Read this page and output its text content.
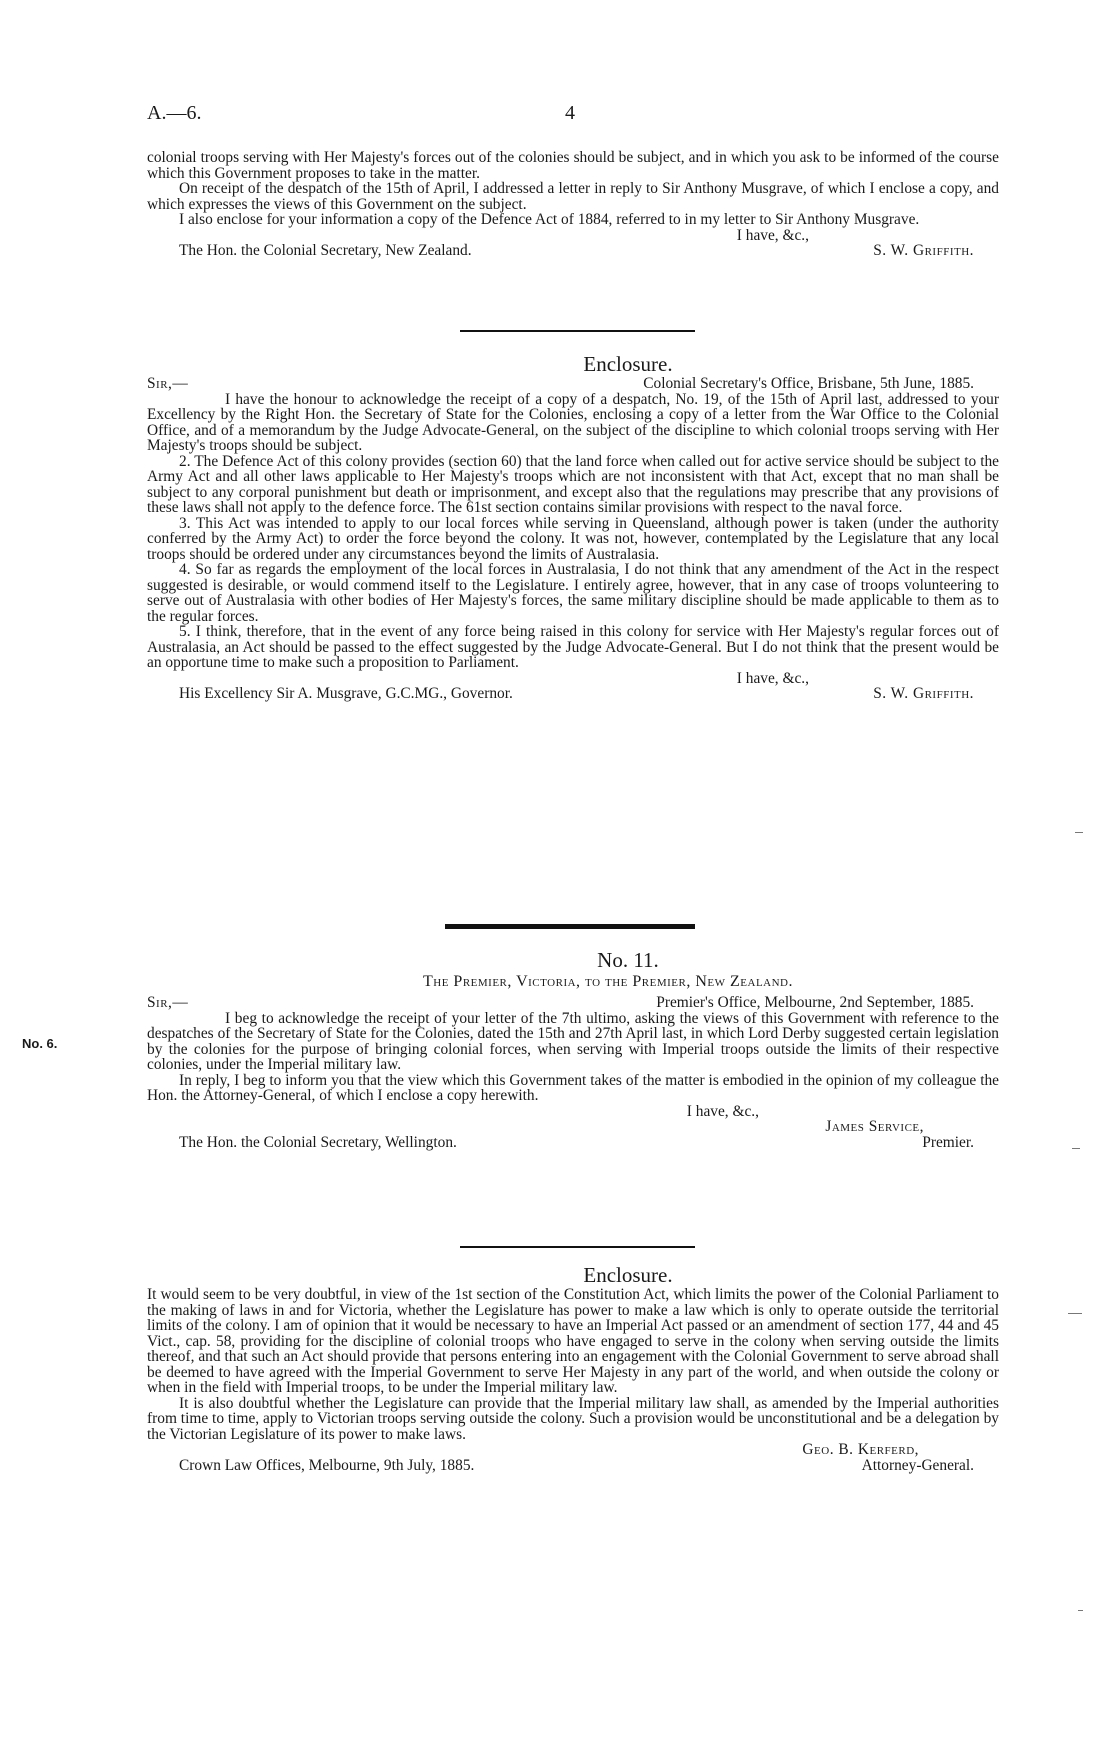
A.—6.	4

colonial troops serving with Her Majesty's forces out of the colonies should be subject, and in which you ask to be informed of the course which this Government proposes to take in the matter.

On receipt of the despatch of the 15th of April, I addressed a letter in reply to Sir Anthony Musgrave, of which I enclose a copy, and which expresses the views of this Government on the subject.

I also enclose for your information a copy of the Defence Act of 1884, referred to in my letter to Sir Anthony Musgrave.

I have, &c.,
The Hon. the Colonial Secretary, New Zealand.	S. W. Griffith.
Enclosure.
Sir,—	Colonial Secretary's Office, Brisbane, 5th June, 1885.

I have the honour to acknowledge the receipt of a copy of a despatch, No. 19, of the 15th of April last, addressed to your Excellency by the Right Hon. the Secretary of State for the Colonies, enclosing a copy of a letter from the War Office to the Colonial Office, and of a memorandum by the Judge Advocate-General, on the subject of the discipline to which colonial troops serving with Her Majesty's troops should be subject.

2. The Defence Act of this colony provides (section 60) that the land force when called out for active service should be subject to the Army Act and all other laws applicable to Her Majesty's troops which are not inconsistent with that Act, except that no man shall be subject to any corporal punishment but death or imprisonment, and except also that the regulations may prescribe that any provisions of these laws shall not apply to the defence force. The 61st section contains similar provisions with respect to the naval force.

3. This Act was intended to apply to our local forces while serving in Queensland, although power is taken (under the authority conferred by the Army Act) to order the force beyond the colony. It was not, however, contemplated by the Legislature that any local troops should be ordered under any circumstances beyond the limits of Australasia.

4. So far as regards the employment of the local forces in Australasia, I do not think that any amendment of the Act in the respect suggested is desirable, or would commend itself to the Legislature. I entirely agree, however, that in any case of troops volunteering to serve out of Australasia with other bodies of Her Majesty's forces, the same military discipline should be made applicable to them as to the regular forces.

5. I think, therefore, that in the event of any force being raised in this colony for service with Her Majesty's regular forces out of Australasia, an Act should be passed to the effect suggested by the Judge Advocate-General. But I do not think that the present would be an opportune time to make such a proposition to Parliament.

I have, &c.,
His Excellency Sir A. Musgrave, G.C.MG., Governor.	S. W. Griffith.
No. 11.
The Premier, Victoria, to the Premier, New Zealand.
Sir,—	Premier's Office, Melbourne, 2nd September, 1885.

I beg to acknowledge the receipt of your letter of the 7th ultimo, asking the views of this Government with reference to the despatches of the Secretary of State for the Colonies, dated the 15th and 27th April last, in which Lord Derby suggested certain legislation by the colonies for the purpose of bringing colonial forces, when serving with Imperial troops outside the limits of their respective colonies, under the Imperial military law.

In reply, I beg to inform you that the view which this Government takes of the matter is embodied in the opinion of my colleague the Hon. the Attorney-General, of which I enclose a copy herewith.

I have, &c.,
James Service,
The Hon. the Colonial Secretary, Wellington.	Premier.
No. 6.
Enclosure.

It would seem to be very doubtful, in view of the 1st section of the Constitution Act, which limits the power of the Colonial Parliament to the making of laws in and for Victoria, whether the Legislature has power to make a law which is only to operate outside the territorial limits of the colony. I am of opinion that it would be necessary to have an Imperial Act passed or an amendment of section 177, 44 and 45 Vict., cap. 58, providing for the discipline of colonial troops who have engaged to serve in the colony when serving outside the limits thereof, and that such an Act should provide that persons entering into an engagement with the Colonial Government to serve abroad shall be deemed to have agreed with the Imperial Government to serve Her Majesty in any part of the world, and when outside the colony or when in the field with Imperial troops, to be under the Imperial military law.

It is also doubtful whether the Legislature can provide that the Imperial military law shall, as amended by the Imperial authorities from time to time, apply to Victorian troops serving outside the colony. Such a provision would be unconstitutional and be a delegation by the Victorian Legislature of its power to make laws.

Geo. B. Kerferd,
Crown Law Offices, Melbourne, 9th July, 1885.	Attorney-General.
